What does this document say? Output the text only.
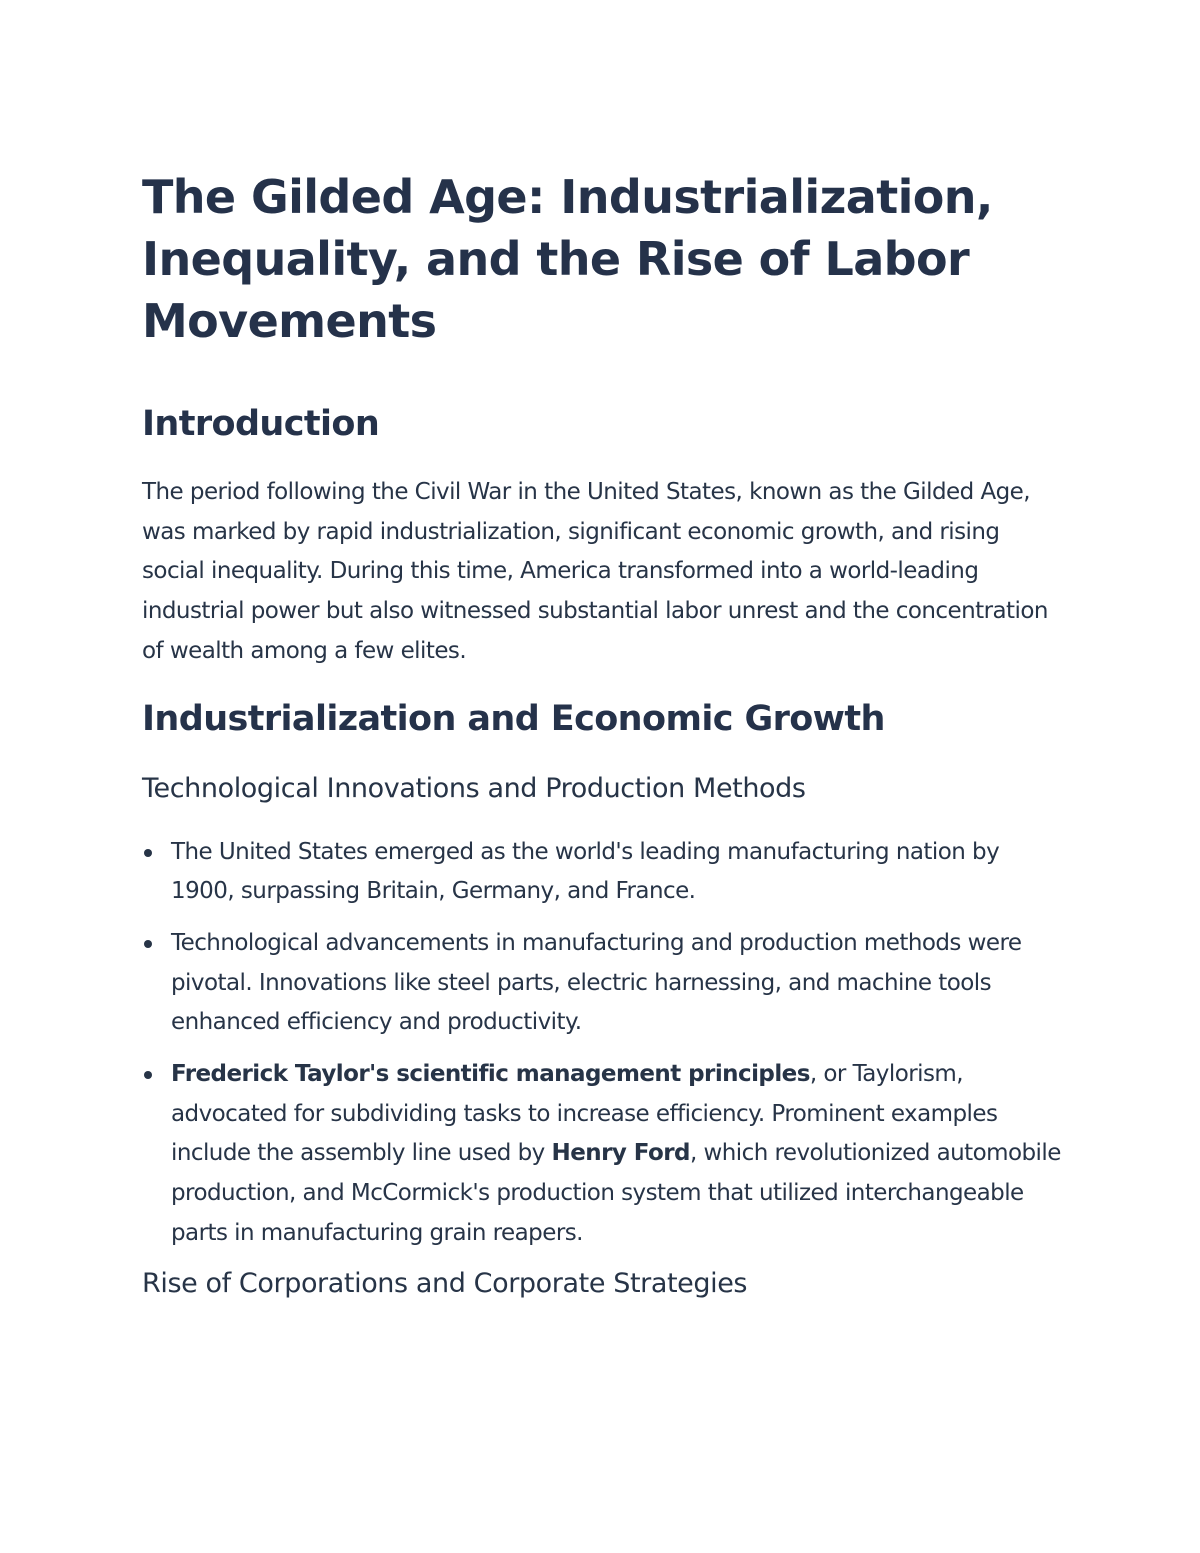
The Gilded Age: Industrialization, Inequality, and the Rise of Labor Movements
Introduction

The period following the Civil War in the United States, known as the Gilded Age, was marked by rapid industrialization, significant economic growth, and rising social inequality. During this time, America transformed into a world-leading industrial power but also witnessed substantial labor unrest and the concentration of wealth among a few elites.

Industrialization and Economic Growth
Technological Innovations and Production Methods
The United States emerged as the world's leading manufacturing nation by 1900, surpassing Britain, Germany, and France.
Technological advancements in manufacturing and production methods were pivotal. Innovations like steel parts, electric harnessing, and machine tools enhanced efficiency and productivity.
Frederick Taylor's scientific management principles, or Taylorism, advocated for subdividing tasks to increase efficiency. Prominent examples include the assembly line used by Henry Ford, which revolutionized automobile production, and McCormick's production system that utilized interchangeable parts in manufacturing grain reapers.
Rise of Corporations and Corporate Strategies
